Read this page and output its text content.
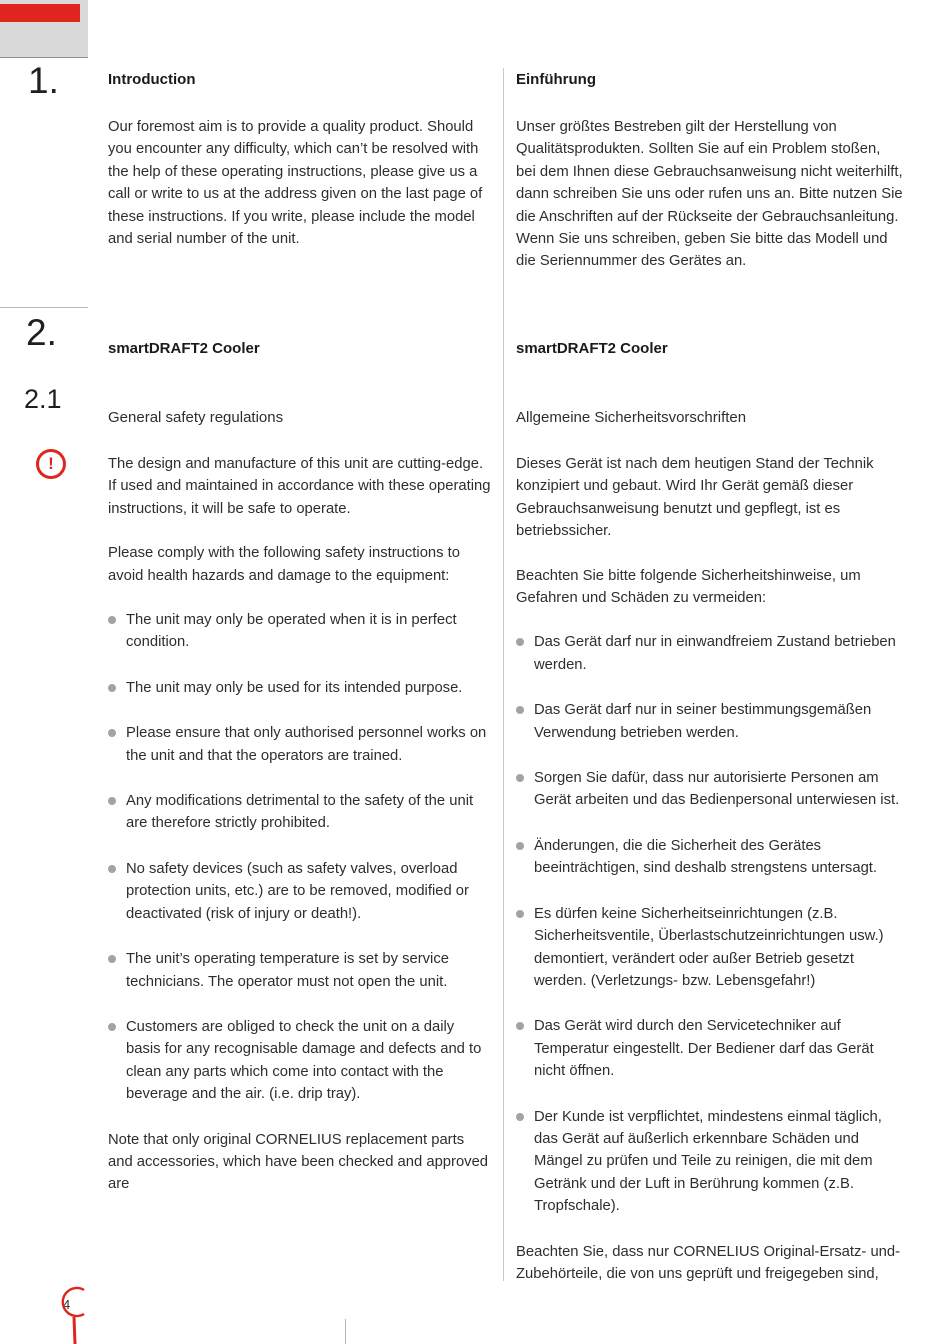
1.
2.
2.1
!
Introduction
Our foremost aim is to provide a quality product. Should you encounter any difficulty, which can’t be resolved with the help of these operating instructions, please give us a call or write to us at the address given on the last page of these instructions. If you write, please include the model and serial number of the unit.
smartDRAFT2 Cooler
General safety regulations

The design and manufacture of this unit are cutting-edge. If used and maintained in accordance with these operating instructions, it will be safe to operate.

Please comply with the following safety instructions to avoid health hazards and damage to the equipment:

The unit may only be operated when it is in perfect condition.
The unit may only be used for its intended purpose.
Please ensure that only authorised personnel works on the unit and that the operators are trained.
Any modifications detrimental to the safety of the unit are therefore strictly prohibited.
No safety devices (such as safety valves, overload protection units, etc.) are to be removed, modified or deactivated (risk of injury or death!).
The unit’s operating temperature is set by service technicians. The operator must not open the unit.
Customers are obliged to check the unit on a daily basis for any recognisable damage and defects and to clean any parts which come into contact with the beverage and the air. (i.e. drip tray).

Note that only original CORNELIUS replacement parts and accessories, which have been checked and approved are

Einführung
Unser größtes Bestreben gilt der Herstellung von Qualitätsprodukten. Sollten Sie auf ein Problem stoßen, bei dem Ihnen diese Gebrauchsanweisung nicht weiterhilft, dann schreiben Sie uns oder rufen uns an. Bitte nutzen Sie die Anschriften auf der Rückseite der Gebrauchsanleitung. Wenn Sie uns schreiben, geben Sie bitte das Modell und die Seriennummer des Gerätes an.
smartDRAFT2 Cooler
Allgemeine Sicherheitsvorschriften

Dieses Gerät ist nach dem heutigen Stand der Technik konzipiert und gebaut. Wird Ihr Gerät gemäß dieser Gebrauchsanweisung benutzt und gepflegt, ist es betriebssicher.

Beachten Sie bitte folgende Sicherheitshinweise, um Gefahren und Schäden zu vermeiden:

Das Gerät darf nur in einwandfreiem Zustand betrieben werden.
Das Gerät darf nur in seiner bestimmungsgemäßen Verwendung betrieben werden.
Sorgen Sie dafür, dass nur autorisierte Personen am Gerät arbeiten und das Bedienpersonal unterwiesen ist.
Änderungen, die die Sicherheit des Gerätes beeinträchtigen, sind deshalb strengstens untersagt.
Es dürfen keine Sicherheitseinrichtungen (z.B. Sicherheitsventile, Überlastschutzeinrichtungen usw.) demontiert, verändert oder außer Betrieb gesetzt werden. (Verletzungs- bzw. Lebensgefahr!)
Das Gerät wird durch den Servicetechniker auf Temperatur eingestellt. Der Bediener darf das Gerät nicht öffnen.
Der Kunde ist verpflichtet, mindestens einmal täglich, das Gerät auf äußerlich erkennbare Schäden und Mängel zu prüfen und Teile zu reinigen, die mit dem Getränk und der Luft in Berührung kommen (z.B. Tropfschale).

Beachten Sie, dass nur CORNELIUS Original-Ersatz- und- Zubehörteile, die von uns geprüft und freigegeben sind,

4
